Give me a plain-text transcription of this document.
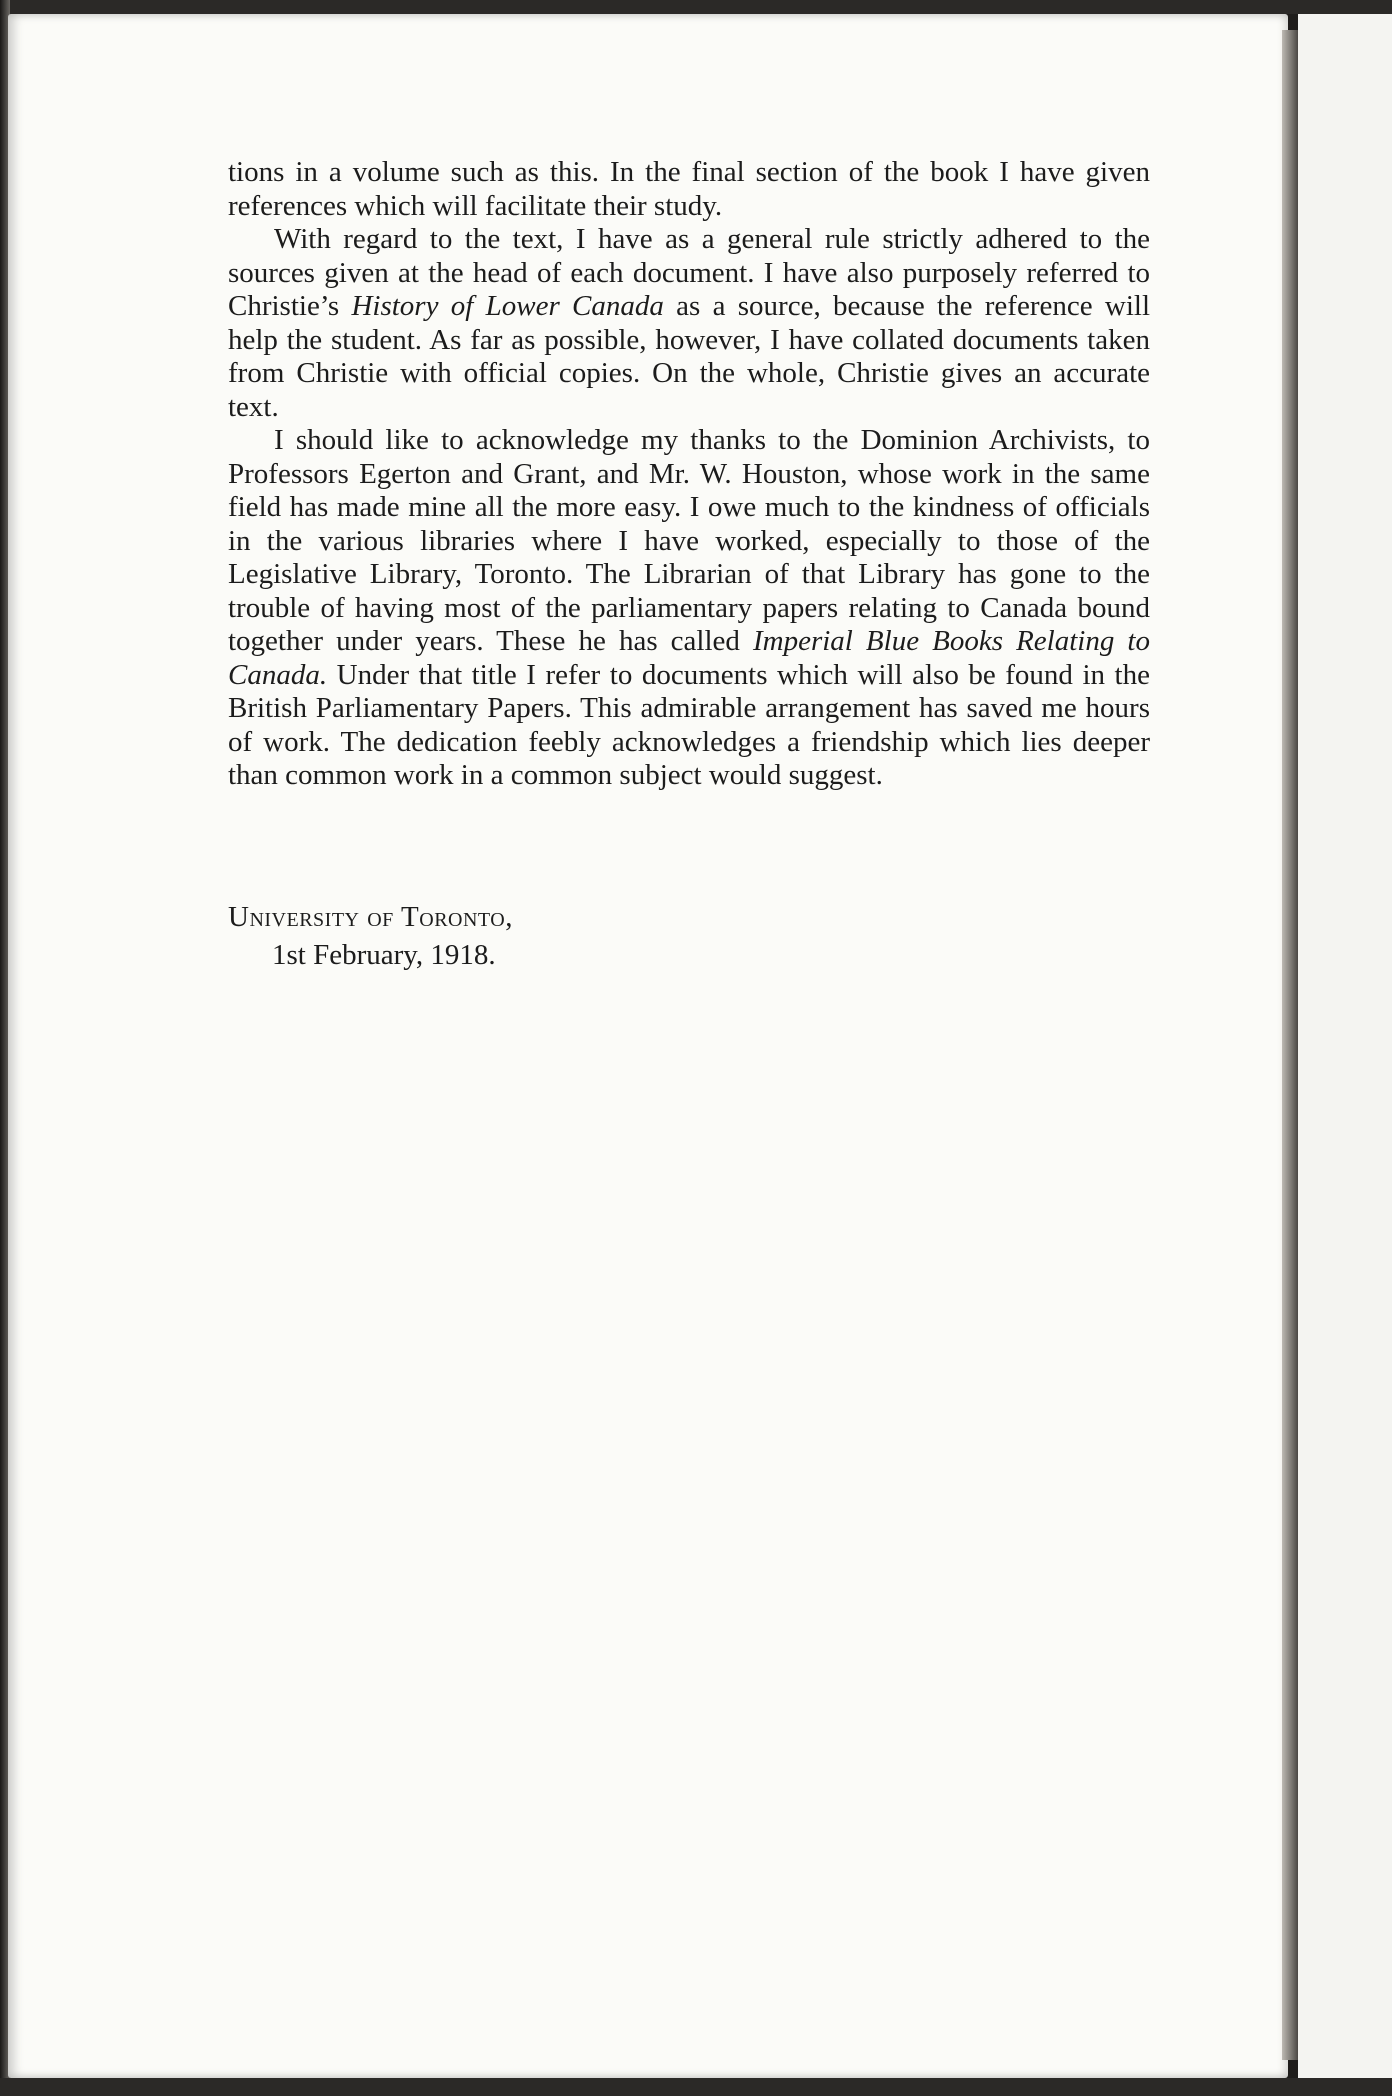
tions in a volume such as this. In the final section of the book I have given references which will facilitate their study.

With regard to the text, I have as a general rule strictly adhered to the sources given at the head of each document. I have also purposely referred to Christie’s History of Lower Canada as a source, because the reference will help the student. As far as possible, however, I have collated documents taken from Christie with official copies. On the whole, Christie gives an accurate text.

I should like to acknowledge my thanks to the Dominion Archivists, to Professors Egerton and Grant, and Mr. W. Houston, whose work in the same field has made mine all the more easy. I owe much to the kindness of officials in the various libraries where I have worked, especially to those of the Legislative Library, Toronto. The Librarian of that Library has gone to the trouble of having most of the parliamentary papers relating to Canada bound together under years. These he has called Imperial Blue Books Relating to Canada. Under that title I refer to documents which will also be found in the British Parliamentary Papers. This admirable arrangement has saved me hours of work. The dedication feebly acknowledges a friendship which lies deeper than common work in a common subject would suggest.

University of Toronto,
1st February, 1918.
